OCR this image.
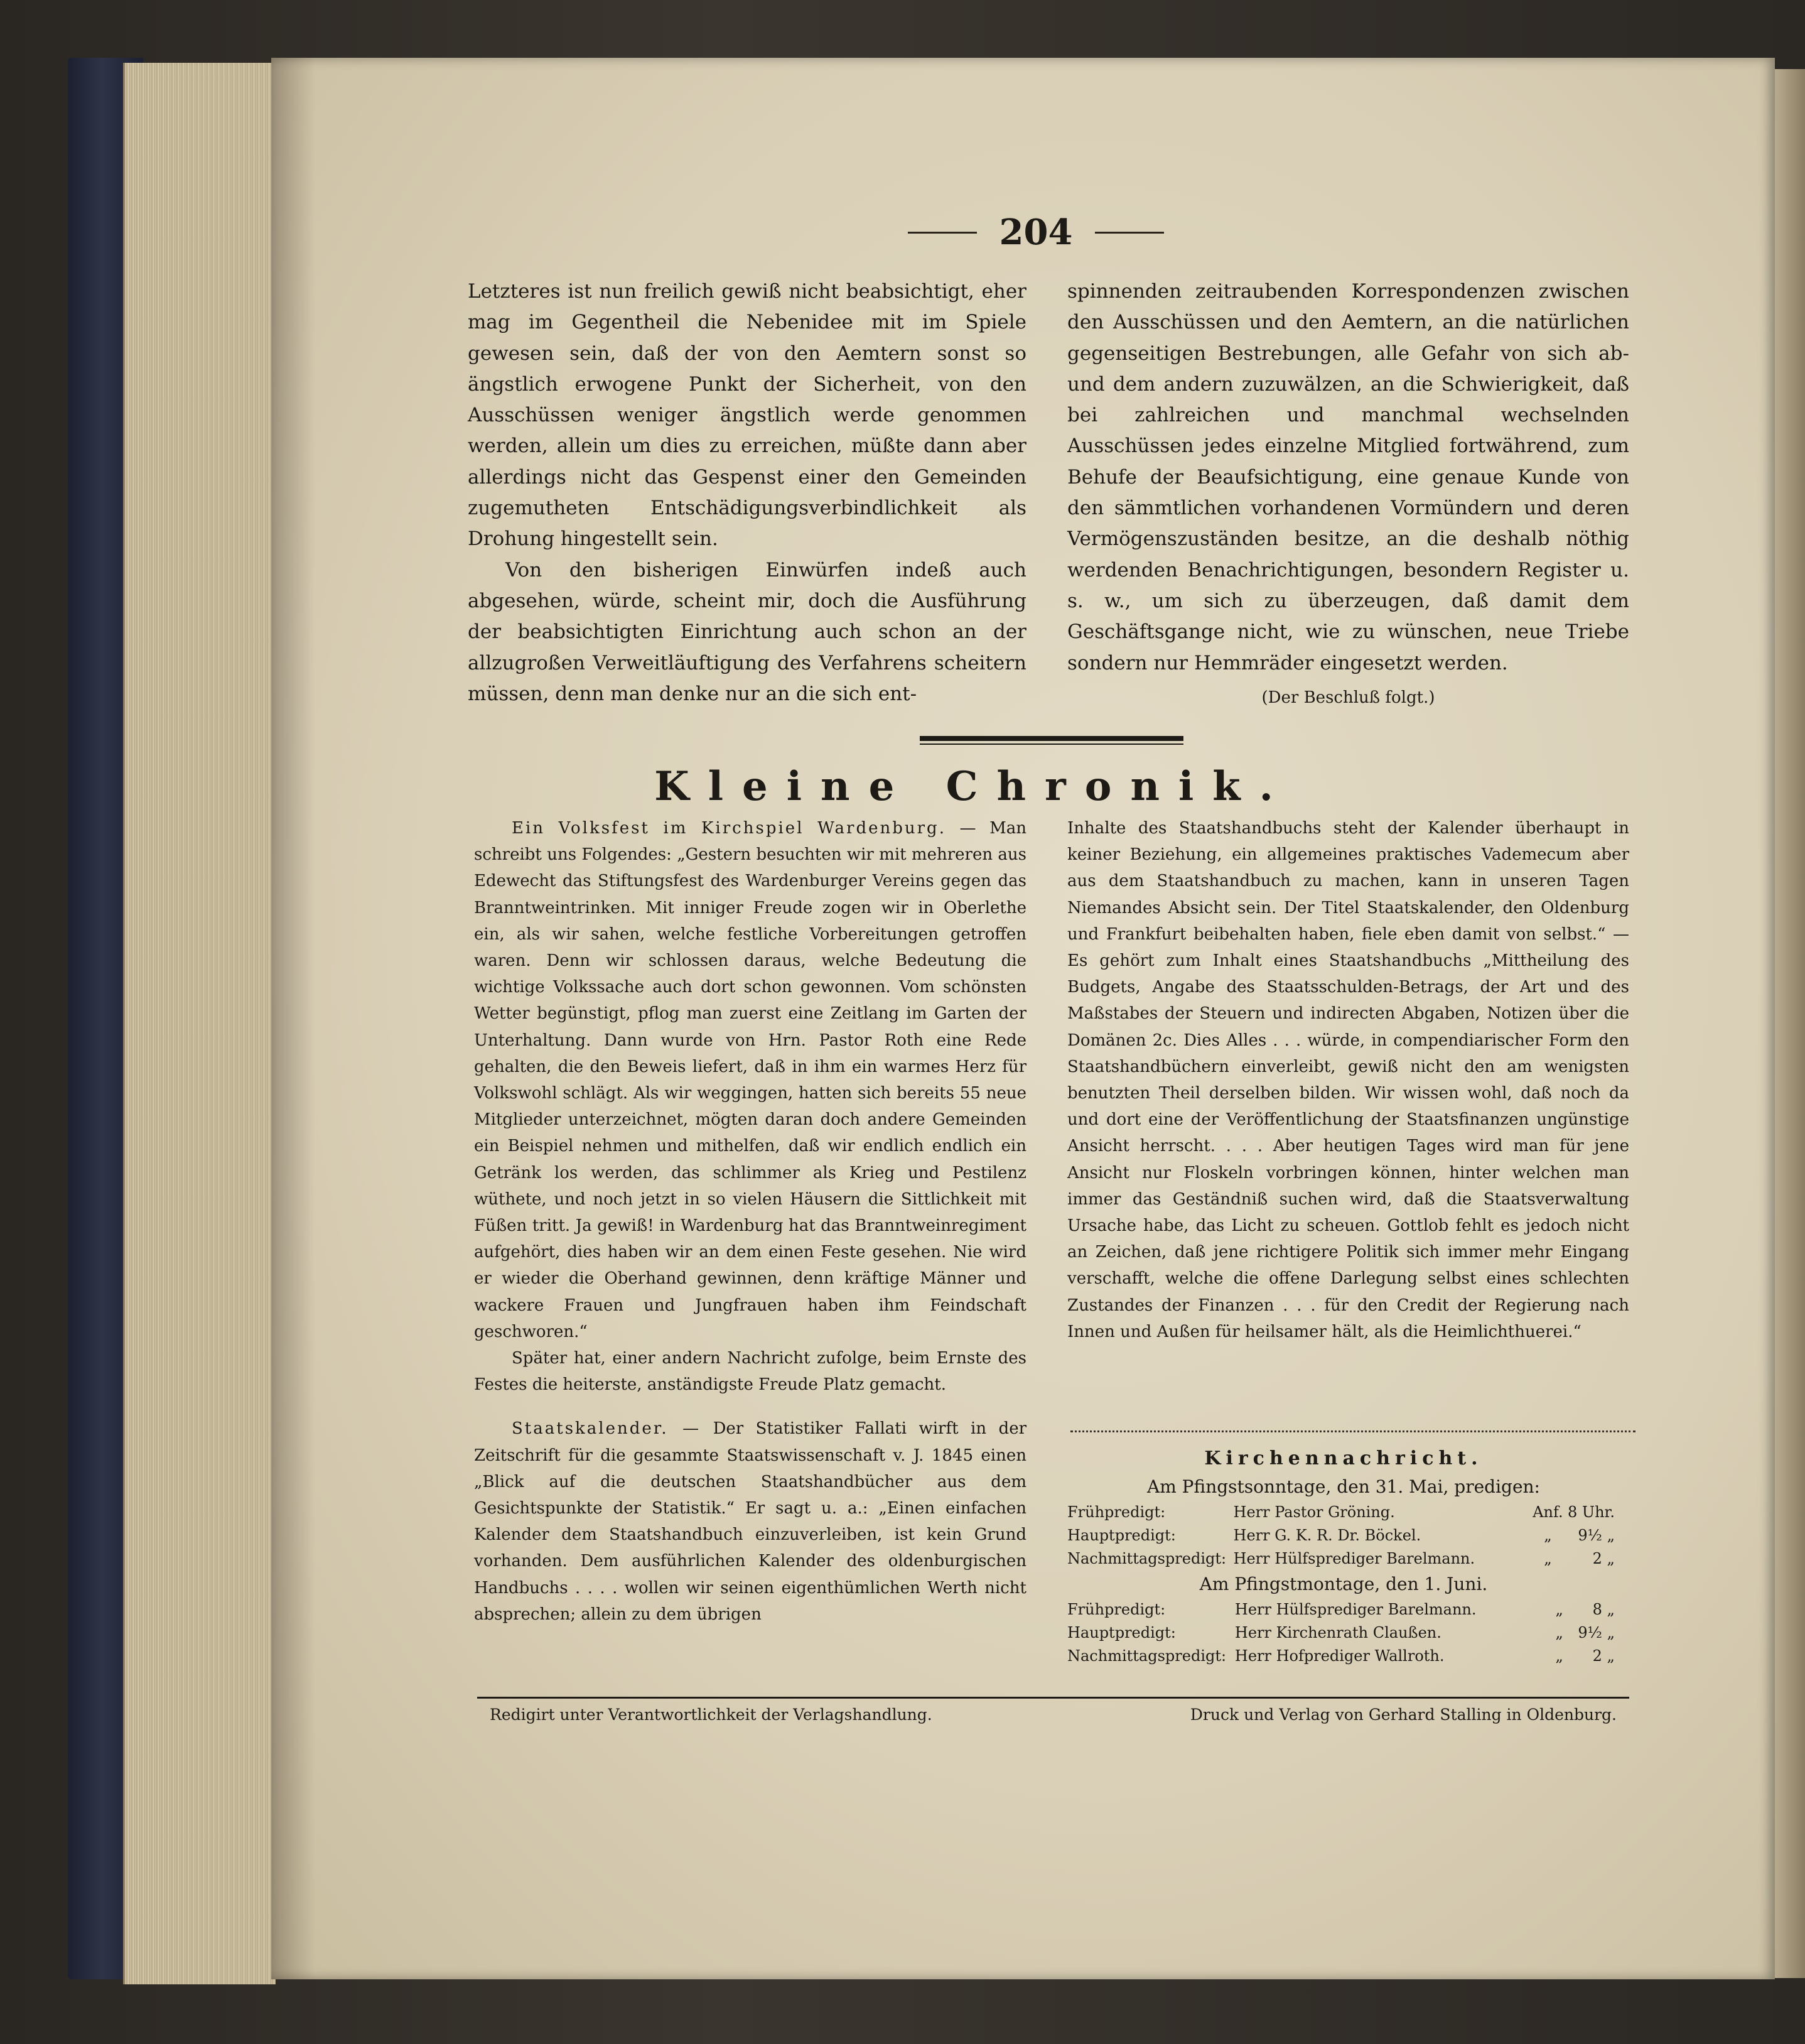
204

Letzteres ist nun freilich gewiß nicht beabsichtigt, eher mag im Gegentheil die Nebenidee mit im Spiele gewesen sein, daß der von den Aemtern sonst so ängstlich erwogene Punkt der Sicherheit, von den Ausschüssen weniger ängstlich werde genommen werden, allein um dies zu erreichen, müßte dann aber allerdings nicht das Gespenst einer den Gemeinden zugemutheten Entschädigungsverbindlichkeit als Drohung hingestellt sein.

Von den bisherigen Einwürfen indeß auch abgesehen, würde, scheint mir, doch die Ausführung der beabsichtigten Einrichtung auch schon an der allzugroßen Verweitläuftigung des Verfahrens scheitern müssen, denn man denke nur an die sich ent-

spinnenden zeitraubenden Korrespondenzen zwischen den Ausschüssen und den Aemtern, an die natürlichen gegenseitigen Bestrebungen, alle Gefahr von sich ab- und dem andern zuzuwälzen, an die Schwierigkeit, daß bei zahlreichen und manchmal wechselnden Ausschüssen jedes einzelne Mitglied fortwährend, zum Behufe der Beaufsichtigung, eine genaue Kunde von den sämmtlichen vorhandenen Vormündern und deren Vermögenszuständen besitze, an die deshalb nöthig werdenden Benachrichtigungen, besondern Register u. s. w., um sich zu überzeugen, daß damit dem Geschäftsgange nicht, wie zu wünschen, neue Triebe sondern nur Hemmräder eingesetzt werden.

(Der Beschluß folgt.)
Kleine Chronik.

Ein Volksfest im Kirchspiel Wardenburg. — Man schreibt uns Folgendes: „Gestern besuchten wir mit mehreren aus Edewecht das Stiftungsfest des Wardenburger Vereins gegen das Branntweintrinken. Mit inniger Freude zogen wir in Oberlethe ein, als wir sahen, welche festliche Vorbereitungen getroffen waren. Denn wir schlossen daraus, welche Bedeutung die wichtige Volkssache auch dort schon gewonnen. Vom schönsten Wetter begünstigt, pflog man zuerst eine Zeitlang im Garten der Unterhaltung. Dann wurde von Hrn. Pastor Roth eine Rede gehalten, die den Beweis liefert, daß in ihm ein warmes Herz für Volkswohl schlägt. Als wir weggingen, hatten sich bereits 55 neue Mitglieder unterzeichnet, mögten daran doch andere Gemeinden ein Beispiel nehmen und mithelfen, daß wir endlich endlich ein Getränk los werden, das schlimmer als Krieg und Pestilenz wüthete, und noch jetzt in so vielen Häusern die Sittlichkeit mit Füßen tritt. Ja gewiß! in Wardenburg hat das Branntweinregiment aufgehört, dies haben wir an dem einen Feste gesehen. Nie wird er wieder die Oberhand gewinnen, denn kräftige Männer und wackere Frauen und Jungfrauen haben ihm Feindschaft geschworen.“

Später hat, einer andern Nachricht zufolge, beim Ernste des Festes die heiterste, anständigste Freude Platz gemacht.

Staatskalender. — Der Statistiker Fallati wirft in der Zeitschrift für die gesammte Staatswissenschaft v. J. 1845 einen „Blick auf die deutschen Staatshandbücher aus dem Gesichtspunkte der Statistik.“ Er sagt u. a.: „Einen einfachen Kalender dem Staatshandbuch einzuverleiben, ist kein Grund vorhanden. Dem ausführlichen Kalender des oldenburgischen Handbuchs . . . . wollen wir seinen eigenthümlichen Werth nicht absprechen; allein zu dem übrigen

Inhalte des Staatshandbuchs steht der Kalender überhaupt in keiner Beziehung, ein allgemeines praktisches Vademecum aber aus dem Staatshandbuch zu machen, kann in unseren Tagen Niemandes Absicht sein. Der Titel Staatskalender, den Oldenburg und Frankfurt beibehalten haben, fiele eben damit von selbst.“ — Es gehört zum Inhalt eines Staatshandbuchs „Mittheilung des Budgets, Angabe des Staatsschulden-Betrags, der Art und des Maßstabes der Steuern und indirecten Abgaben, Notizen über die Domänen 2c. Dies Alles . . . würde, in compendiarischer Form den Staatshandbüchern einverleibt, gewiß nicht den am wenigsten benutzten Theil derselben bilden. Wir wissen wohl, daß noch da und dort eine der Veröffentlichung der Staatsfinanzen ungünstige Ansicht herrscht. . . . Aber heutigen Tages wird man für jene Ansicht nur Floskeln vorbringen können, hinter welchen man immer das Geständniß suchen wird, daß die Staatsverwaltung Ursache habe, das Licht zu scheuen. Gottlob fehlt es jedoch nicht an Zeichen, daß jene richtigere Politik sich immer mehr Eingang verschafft, welche die offene Darlegung selbst eines schlechten Zustandes der Finanzen . . . für den Credit der Regierung nach Innen und Außen für heilsamer hält, als die Heimlichthuerei.“

Kirchennachricht.
Am Pfingstsonntage, den 31. Mai, predigen:
Frühpredigt:	Herr Pastor Gröning.	Anf.	8 Uhr.
Hauptpredigt:	Herr G. K. R. Dr. Böckel.	„	9½ „
Nachmittagspredigt:	Herr Hülfsprediger Barelmann.	„	2 „
Am Pfingstmontage, den 1. Juni.
Frühpredigt:	Herr Hülfsprediger Barelmann.	„	8 „
Hauptpredigt:	Herr Kirchenrath Claußen.	„	9½ „
Nachmittagspredigt:	Herr Hofprediger Wallroth.	„	2 „
Redigirt unter Verantwortlichkeit der Verlagshandlung.	Druck und Verlag von Gerhard Stalling in Oldenburg.
